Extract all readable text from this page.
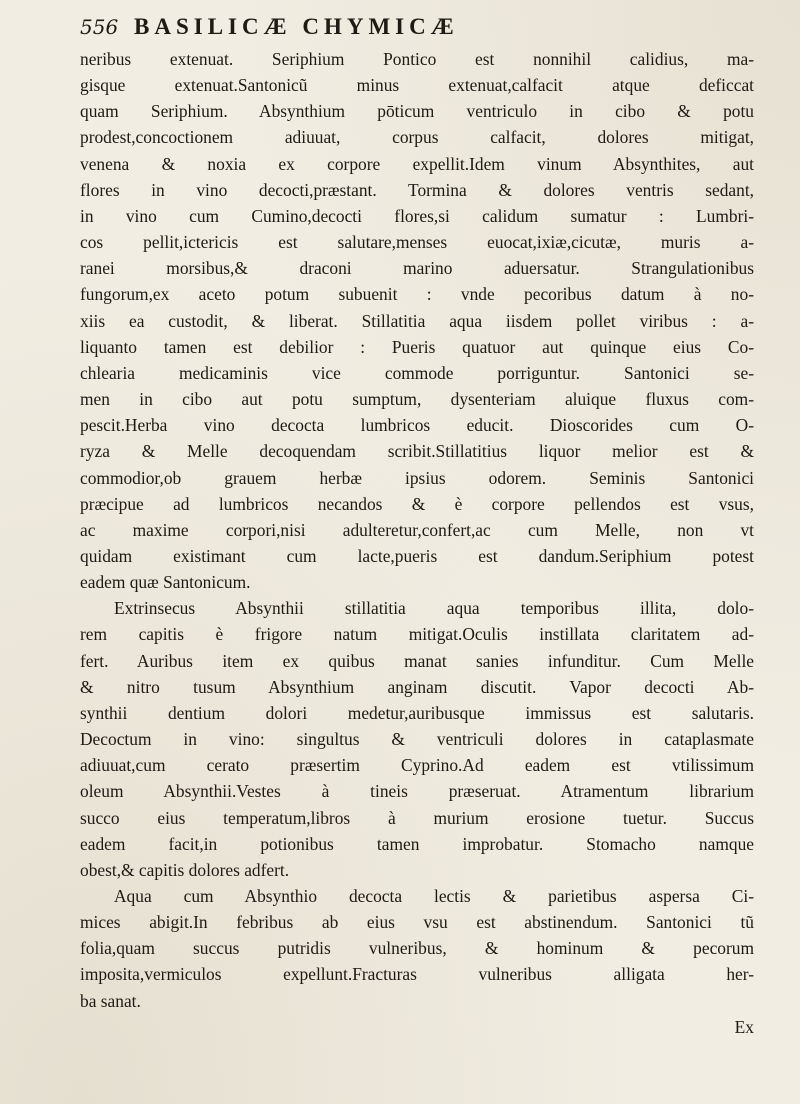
556 BASILICÆ CHYMICÆ
neribus extenuat. Seriphium Pontico est nonnihil calidius, ma-
gisque extenuat.Santonicũ minus extenuat,calfacit atque deficcat
quam Seriphium. Absynthium pōticum ventriculo in cibo & potu
prodest,concoctionem adiuuat, corpus calfacit, dolores mitigat,
venena & noxia ex corpore expellit.Idem vinum Absynthites, aut
flores in vino decocti,præstant. Tormina & dolores ventris sedant,
in vino cum Cumino,decocti flores,si calidum sumatur : Lumbri-
cos pellit,ictericis est salutare,menses euocat,ixiæ,cicutæ, muris a-
ranei morsibus,& draconi marino aduersatur. Strangulationibus
fungorum,ex aceto potum subuenit : vnde pecoribus datum à no-
xiis ea custodit, & liberat. Stillatitia aqua iisdem pollet viribus : a-
liquanto tamen est debilior : Pueris quatuor aut quinque eius Co-
chlearia medicaminis vice commode porriguntur. Santonici se-
men in cibo aut potu sumptum, dysenteriam aluique fluxus com-
pescit.Herba vino decocta lumbricos educit. Dioscorides cum O-
ryza & Melle decoquendam scribit.Stillatitius liquor melior est &
commodior,ob grauem herbæ ipsius odorem. Seminis Santonici
præcipue ad lumbricos necandos & è corpore pellendos est vsus,
ac maxime corpori,nisi adulteretur,confert,ac cum Melle, non vt
quidam existimant cum lacte,pueris est dandum.Seriphium potest
eadem quæ Santonicum.
Extrinsecus Absynthii stillatitia aqua temporibus illita, dolo-
rem capitis è frigore natum mitigat.Oculis instillata claritatem ad-
fert. Auribus item ex quibus manat sanies infunditur. Cum Melle
& nitro tusum Absynthium anginam discutit. Vapor decocti Ab-
synthii dentium dolori medetur,auribusque immissus est salutaris.
Decoctum in vino: singultus & ventriculi dolores in cataplasmate
adiuuat,cum cerato præsertim Cyprino.Ad eadem est vtilissimum
oleum Absynthii.Vestes à tineis præseruat. Atramentum librarium
succo eius temperatum,libros à murium erosione tuetur. Succus
eadem facit,in potionibus tamen improbatur. Stomacho namque
obest,& capitis dolores adfert.
Aqua cum Absynthio decocta lectis & parietibus aspersa Ci-
mices abigit.In febribus ab eius vsu est abstinendum. Santonici tũ
folia,quam succus putridis vulneribus, & hominum & pecorum
imposita,vermiculos expellunt.Fracturas vulneribus alligata her-
ba sanat.
Ex
